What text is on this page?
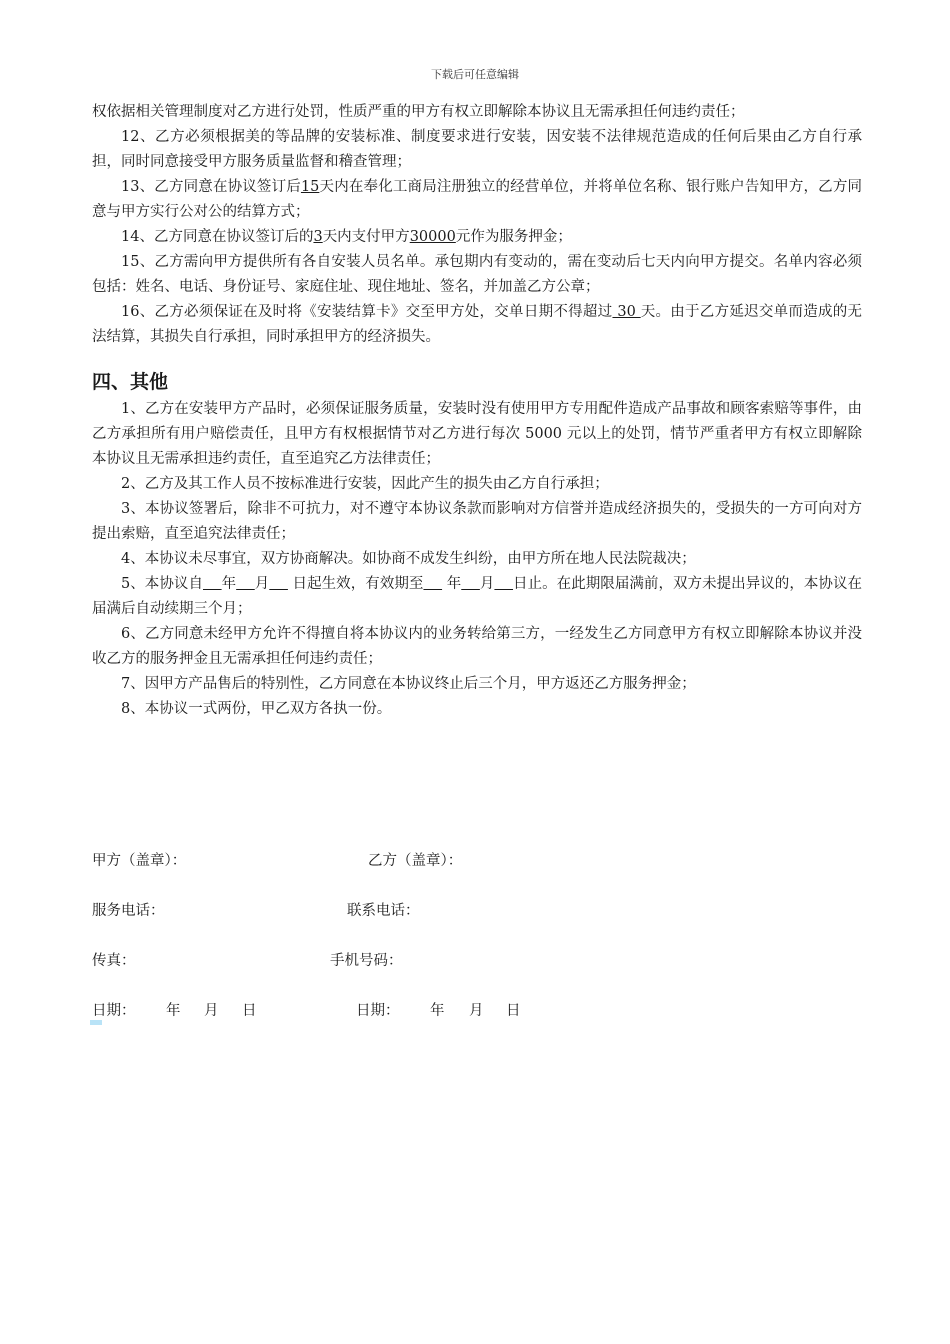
下载后可任意编辑

权依据相关管理制度对乙方进行处罚，性质严重的甲方有权立即解除本协议且无需承担任何违约责任；

12、乙方必须根据美的等品牌的安装标准、制度要求进行安装，因安装不法律规范造成的任何后果由乙方自行承担，同时同意接受甲方服务质量监督和稽查管理；

13、乙方同意在协议签订后15天内在奉化工商局注册独立的经营单位，并将单位名称、银行账户告知甲方，乙方同意与甲方实行公对公的结算方式；

14、乙方同意在协议签订后的3天内支付甲方30000元作为服务押金；

15、乙方需向甲方提供所有各自安装人员名单。承包期内有变动的，需在变动后七天内向甲方提交。名单内容必须包括：姓名、电话、身份证号、家庭住址、现住地址、签名，并加盖乙方公章；

16、乙方必须保证在及时将《安装结算卡》交至甲方处，交单日期不得超过 30 天。由于乙方延迟交单而造成的无法结算，其损失自行承担，同时承担甲方的经济损失。

四、其他

1、乙方在安装甲方产品时，必须保证服务质量，安装时没有使用甲方专用配件造成产品事故和顾客索赔等事件，由乙方承担所有用户赔偿责任，且甲方有权根据情节对乙方进行每次 5000 元以上的处罚，情节严重者甲方有权立即解除本协议且无需承担违约责任，直至追究乙方法律责任；

2、乙方及其工作人员不按标准进行安装，因此产生的损失由乙方自行承担；

3、本协议签署后，除非不可抗力，对不遵守本协议条款而影响对方信誉并造成经济损失的，受损失的一方可向对方提出索赔，直至追究法律责任；

4、本协议未尽事宜，双方协商解决。如协商不成发生纠纷，由甲方所在地人民法院裁决；

5、本协议自 年 月     日起生效，有效期至     年 月 日止。在此期限届满前，双方未提出异议的，本协议在届满后自动续期三个月；

6、乙方同意未经甲方允许不得擅自将本协议内的业务转给第三方，一经发生乙方同意甲方有权立即解除本协议并没收乙方的服务押金且无需承担任何违约责任；

7、因甲方产品售后的特别性，乙方同意在本协议终止后三个月，甲方返还乙方服务押金；

8、本协议一式两份，甲乙双方各执一份。

甲方（盖章）：	乙方（盖章）：
服务电话：	联系电话：
传真：	手机号码：
日期： 年 月 日	日期： 年 月 日
